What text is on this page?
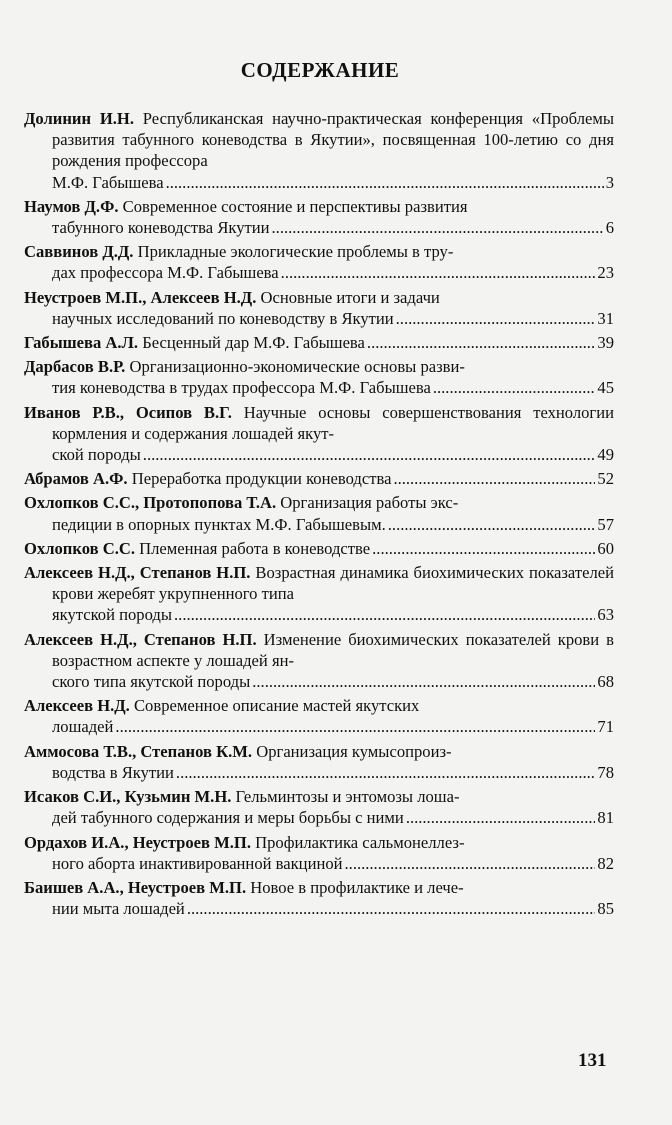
СОДЕРЖАНИЕ
Долинин И.Н. Республиканская научно-практическая конференция «Проблемы развития табунного коневодства в Якутии», посвященная 100-летию со дня рождения профессора
М.Ф. Габышева .....	3
Наумов Д.Ф. Современное состояние и перспективы развития
табунного коневодства Якутии .....	6
Саввинов Д.Д. Прикладные экологические проблемы в тру-
дах профессора М.Ф. Габышева .....	23
Неустроев М.П., Алексеев Н.Д. Основные итоги и задачи
научных исследований по коневодству в Якутии .....	31
Габышева А.Л.
Бесценный дар М.Ф. Габышева .....	39
Дарбасов В.Р. Организационно-экономические основы разви-
тия коневодства в трудах профессора М.Ф. Габышева .....	45
Иванов Р.В., Осипов В.Г. Научные основы совершенствования технологии кормления и содержания лошадей якут-
ской породы .....	49
Абрамов А.Ф.
Переработка продукции коневодства .....	52
Охлопков С.С., Протопопова Т.А. Организация работы экс-
педиции в опорных пунктах М.Ф. Габышевым. .....	57
Охлопков С.С.
Племенная работа в коневодстве .....	60
Алексеев Н.Д., Степанов Н.П. Возрастная динамика биохимических показателей крови жеребят укрупненного типа
якутской породы .....	63
Алексеев Н.Д., Степанов Н.П. Изменение биохимических показателей крови в возрастном аспекте у лошадей ян-
ского типа якутской породы .....	68
Алексеев Н.Д. Современное описание мастей якутских
лошадей .....	71
Аммосова Т.В., Степанов К.М. Организация кумысопроиз-
водства в Якутии .....	78
Исаков С.И., Кузьмин М.Н. Гельминтозы и энтомозы лоша-
дей табунного содержания и меры борьбы с ними .....	81
Ордахов И.А., Неустроев М.П. Профилактика сальмонеллез-
ного аборта инактивированной вакциной .....	82
Баишев А.А., Неустроев М.П. Новое в профилактике и лече-
нии мыта лошадей .....	85
131
